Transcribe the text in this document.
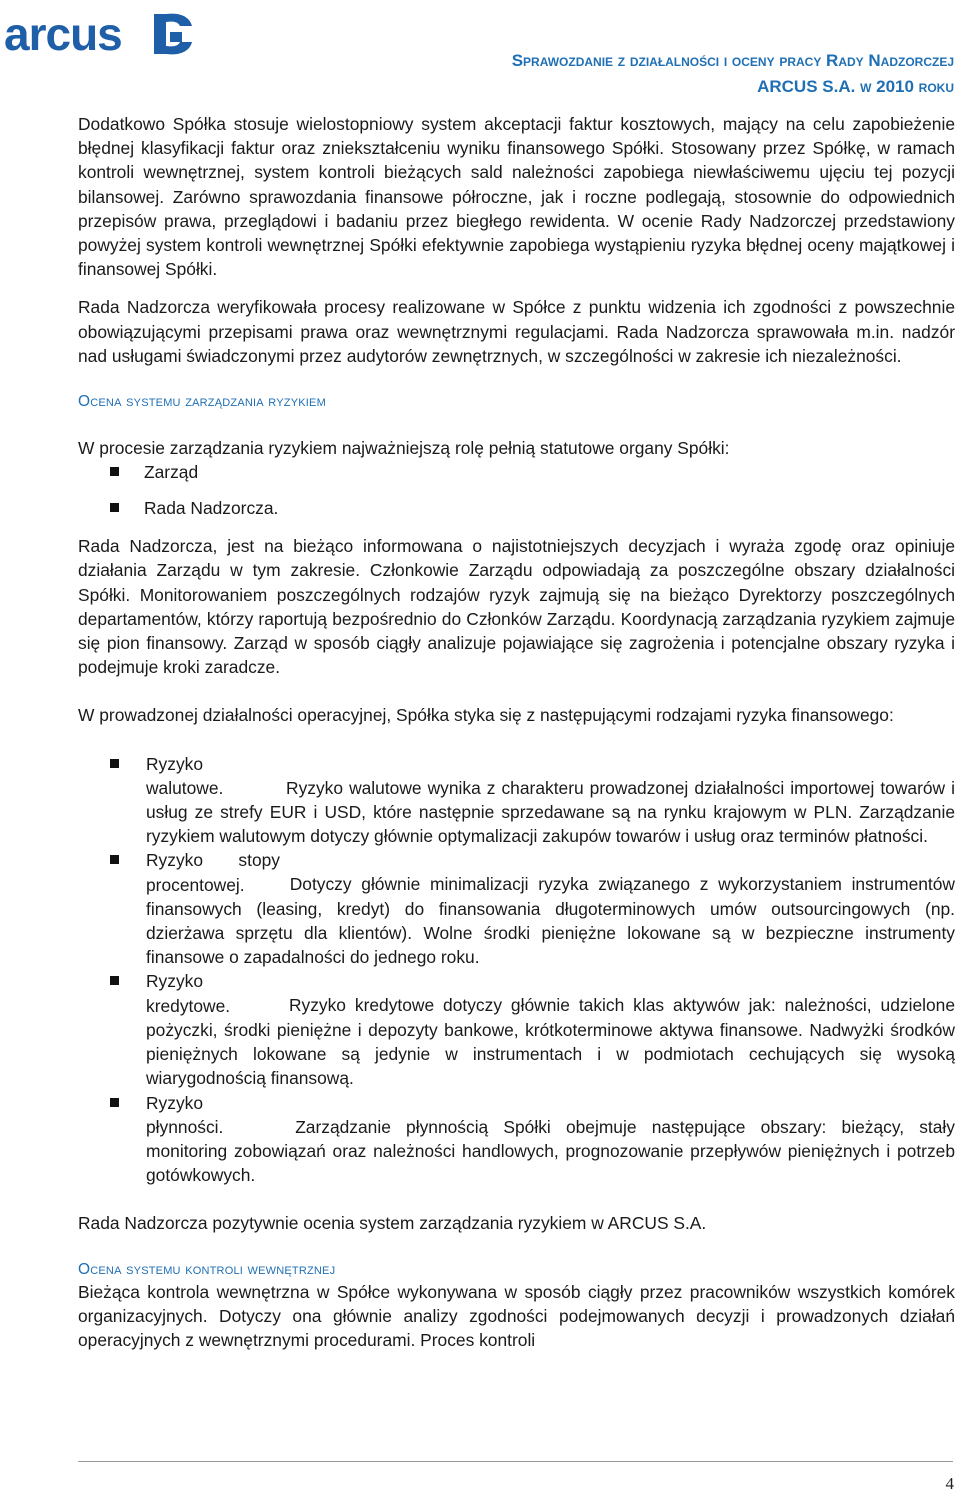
arcus
Sprawozdanie z działalności i oceny pracy Rady Nadzorczej
ARCUS S.A. w 2010 roku

Dodatkowo Spółka stosuje wielostopniowy system akceptacji faktur kosztowych, mający na celu zapobieżenie błędnej klasyfikacji faktur oraz zniekształceniu wyniku finansowego Spółki. Stosowany przez Spółkę, w ramach kontroli wewnętrznej, system kontroli bieżących sald należności zapobiega niewłaściwemu ujęciu tej pozycji bilansowej. Zarówno sprawozdania finansowe półroczne, jak i roczne podlegają, stosownie do odpowiednich przepisów prawa, przeglądowi i badaniu przez biegłego rewidenta. W ocenie Rady Nadzorczej przedstawiony powyżej system kontroli wewnętrznej Spółki efektywnie zapobiega wystąpieniu ryzyka błędnej oceny majątkowej i finansowej Spółki.

Rada Nadzorcza weryfikowała procesy realizowane w Spółce z punktu widzenia ich zgodności z powszechnie obowiązującymi przepisami prawa oraz wewnętrznymi regulacjami. Rada Nadzorcza sprawowała m.in. nadzór nad usługami świadczonymi przez audytorów zewnętrznych, w szczególności w zakresie ich niezależności.

Ocena systemu zarządzania ryzykiem

W procesie zarządzania ryzykiem najważniejszą rolę pełnią statutowe organy Spółki:

Zarząd
Rada Nadzorcza.

Rada Nadzorcza, jest na bieżąco informowana o najistotniejszych decyzjach i wyraża zgodę oraz opiniuje działania Zarządu w tym zakresie. Członkowie Zarządu odpowiadają za poszczególne obszary działalności Spółki. Monitorowaniem poszczególnych rodzajów ryzyk zajmują się na bieżąco Dyrektorzy poszczególnych departamentów, którzy raportują bezpośrednio do Członków Zarządu. Koordynacją zarządzania ryzykiem zajmuje się pion finansowy. Zarząd w sposób ciągły analizuje pojawiające się zagrożenia i potencjalne obszary ryzyka i podejmuje kroki zaradcze.

W prowadzonej działalności operacyjnej, Spółka styka się z następującymi rodzajami ryzyka finansowego:

Ryzyko walutowe.	Ryzyko walutowe wynika z charakteru prowadzonej działalności importowej towarów i usług ze strefy EUR i USD, które następnie sprzedawane są na rynku krajowym w PLN. Zarządzanie ryzykiem walutowym dotyczy głównie optymalizacji zakupów towarów i usług oraz terminów płatności.
Ryzyko stopy procentowej.	Dotyczy głównie minimalizacji ryzyka związanego z wykorzystaniem instrumentów finansowych (leasing, kredyt) do finansowania długoterminowych umów outsourcingowych (np. dzierżawa sprzętu dla klientów). Wolne środki pieniężne lokowane są w bezpieczne instrumenty finansowe o zapadalności do jednego roku.
Ryzyko kredytowe.	Ryzyko kredytowe dotyczy głównie takich klas aktywów jak: należności, udzielone pożyczki, środki pieniężne i depozyty bankowe, krótkoterminowe aktywa finansowe. Nadwyżki środków pieniężnych lokowane są jedynie w instrumentach i w podmiotach cechujących się wysoką wiarygodnością finansową.
Ryzyko płynności.	Zarządzanie płynnością Spółki obejmuje następujące obszary: bieżący, stały monitoring zobowiązań oraz należności handlowych, prognozowanie przepływów pieniężnych i potrzeb gotówkowych.

Rada Nadzorcza pozytywnie ocenia system zarządzania ryzykiem w ARCUS S.A.

Ocena systemu kontroli wewnętrznej

Bieżąca kontrola wewnętrzna w Spółce wykonywana w sposób ciągły przez pracowników wszystkich komórek organizacyjnych. Dotyczy ona głównie analizy zgodności podejmowanych decyzji i prowadzonych działań operacyjnych z wewnętrznymi procedurami. Proces kontroli

4
